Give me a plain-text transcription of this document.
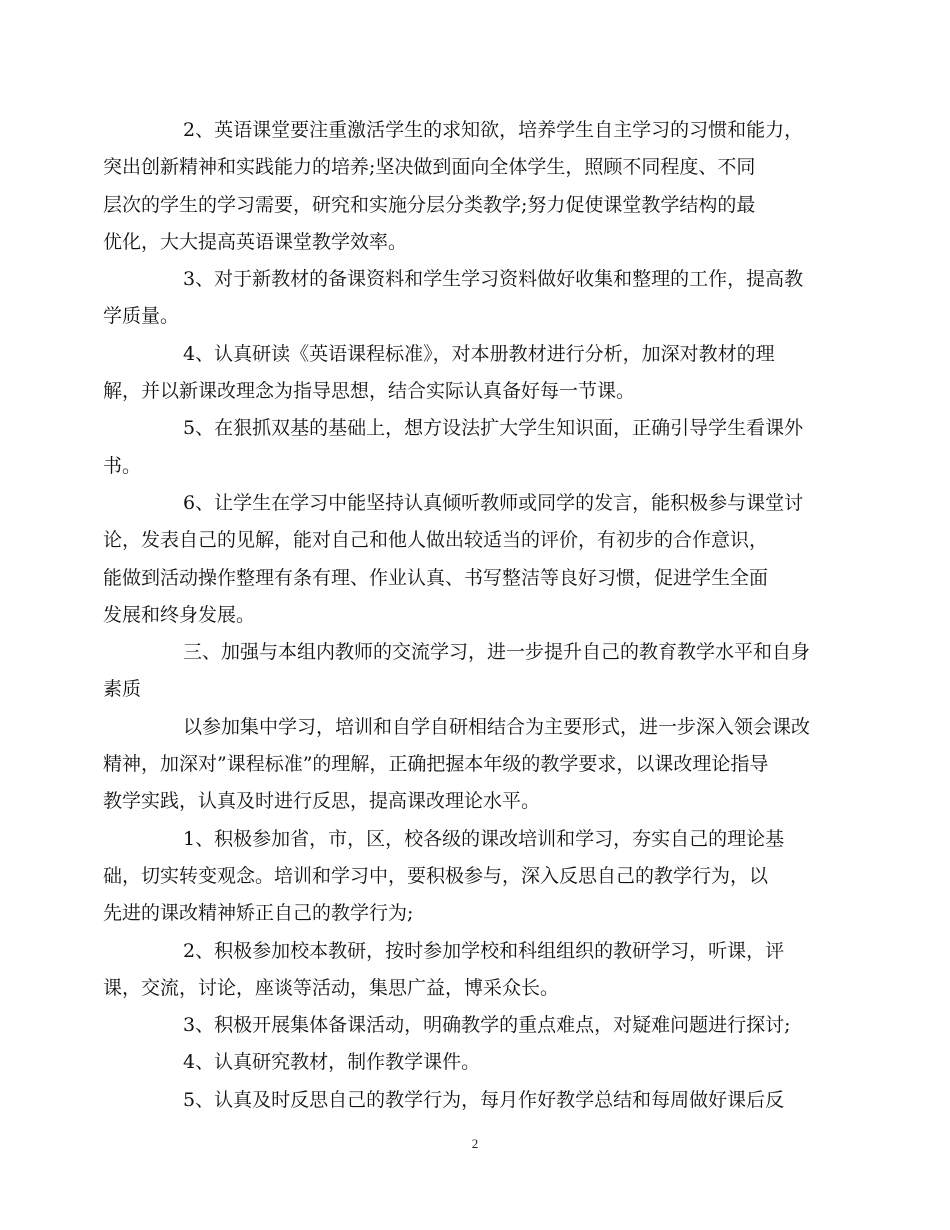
2、英语课堂要注重激活学生的求知欲，培养学生自主学习的习惯和能力，
突出创新精神和实践能力的培养;坚决做到面向全体学生，照顾不同程度、不同
层次的学生的学习需要，研究和实施分层分类教学;努力促使课堂教学结构的最
优化，大大提高英语课堂教学效率。

3、对于新教材的备课资料和学生学习资料做好收集和整理的工作，提高教
学质量。

4、认真研读《英语课程标准》，对本册教材进行分析，加深对教材的理
解，并以新课改理念为指导思想，结合实际认真备好每一节课。

5、在狠抓双基的基础上，想方设法扩大学生知识面，正确引导学生看课外
书。

6、让学生在学习中能坚持认真倾听教师或同学的发言，能积极参与课堂讨
论，发表自己的见解，能对自己和他人做出较适当的评价，有初步的合作意识，
能做到活动操作整理有条有理、作业认真、书写整洁等良好习惯，促进学生全面
发展和终身发展。

三、加强与本组内教师的交流学习，进一步提升自己的教育教学水平和自身
素质

以参加集中学习，培训和自学自研相结合为主要形式，进一步深入领会课改
精神，加深对”课程标准”的理解，正确把握本年级的教学要求，以课改理论指导
教学实践，认真及时进行反思，提高课改理论水平。

1、积极参加省，市，区，校各级的课改培训和学习，夯实自己的理论基
础，切实转变观念。培训和学习中，要积极参与，深入反思自己的教学行为，以
先进的课改精神矫正自己的教学行为;

2、积极参加校本教研，按时参加学校和科组组织的教研学习，听课，评
课，交流，讨论，座谈等活动，集思广益，博采众长。

3、积极开展集体备课活动，明确教学的重点难点，对疑难问题进行探讨;

4、认真研究教材，制作教学课件。

5、认真及时反思自己的教学行为，每月作好教学总结和每周做好课后反

2
